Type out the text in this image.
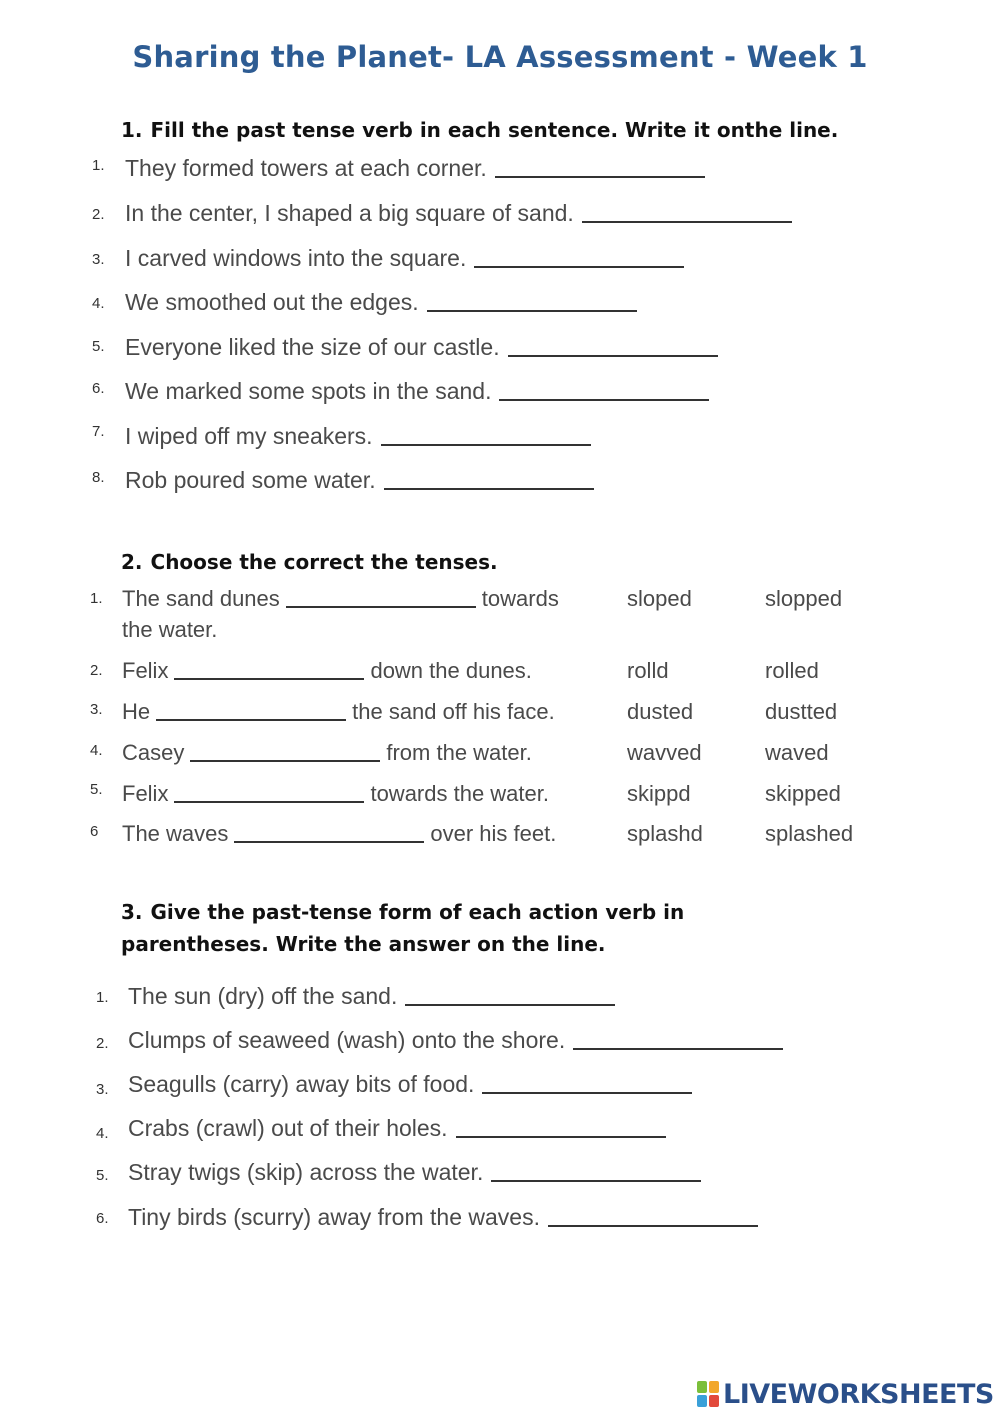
Sharing the Planet- LA Assessment - Week 1
1. Fill the past tense verb in each sentence. Write it onthe line.
1. They formed towers at each corner.
2. In the center, I shaped a big square of sand.
3. I carved windows into the square.
4. We smoothed out the edges.
5. Everyone liked the size of our castle.
6. We marked some spots in the sand.
7. I wiped off my sneakers.
8. Rob poured some water.
2. Choose the correct the tenses.
1. The sand dunes	towards	sloped	slopped
the water.
2. Felix	down the dunes.	rolld	rolled
3. He	the sand off his face.	dusted	dustted
4. Casey	from the water.	wavved	waved
5. Felix	towards the water.	skippd	skipped
6 The waves	over his feet.	splashd	splashed
3. Give the past-tense form of each action verb in
parentheses. Write the answer on the line.
1. The sun (dry) off the sand.
2. Clumps of seaweed (wash) onto the shore.
3. Seagulls (carry) away bits of food.
4. Crabs (crawl) out of their holes.
5. Stray twigs (skip) across the water.
6. Tiny birds (scurry) away from the waves.
LIVEWORKSHEETS
